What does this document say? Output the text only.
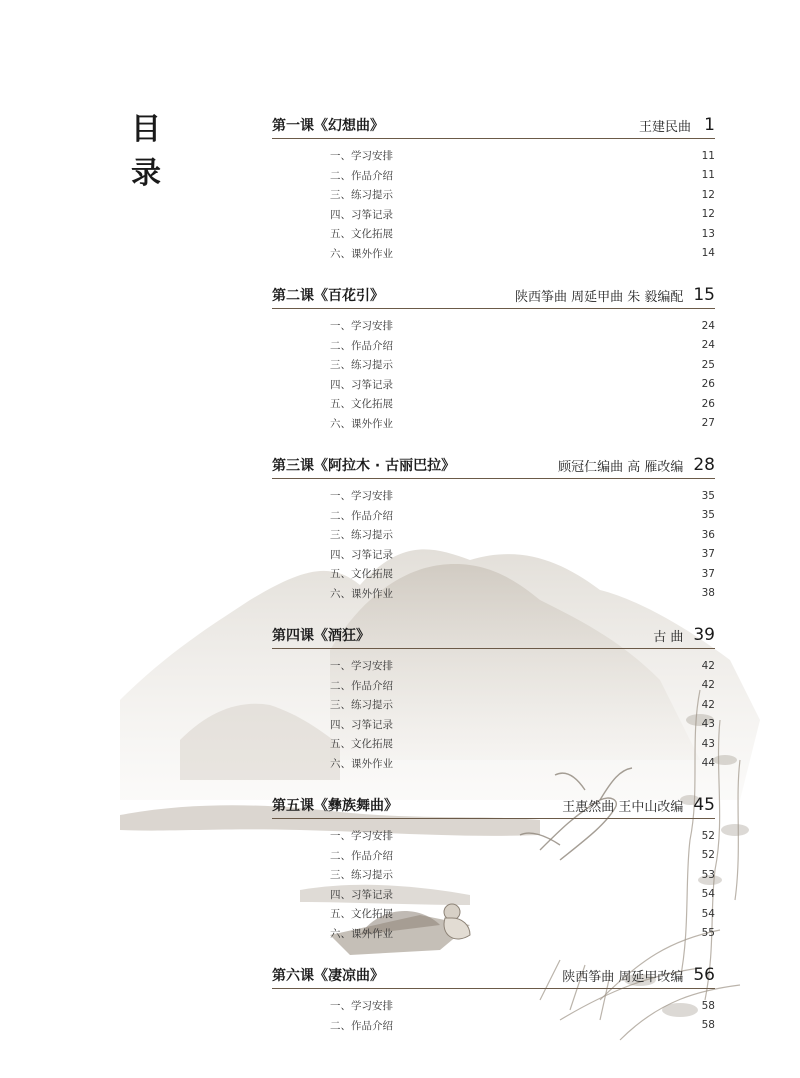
目
录
第一课《幻想曲》	王建民曲 1
一、学习安排	11
二、作品介绍	11
三、练习提示	12
四、习筝记录	12
五、文化拓展	13
六、课外作业	14
第二课《百花引》	陕西筝曲 周延甲曲 朱 毅编配 15
一、学习安排	24
二、作品介绍	24
三、练习提示	25
四、习筝记录	26
五、文化拓展	26
六、课外作业	27
第三课《阿拉木 · 古丽巴拉》	顾冠仁编曲 高 雁改编 28
一、学习安排	35
二、作品介绍	35
三、练习提示	36
四、习筝记录	37
五、文化拓展	37
六、课外作业	38
第四课《酒狂》	古 曲 39
一、学习安排	42
二、作品介绍	42
三、练习提示	42
四、习筝记录	43
五、文化拓展	43
六、课外作业	44
第五课《彝族舞曲》	王惠然曲 王中山改编 45
一、学习安排	52
二、作品介绍	52
三、练习提示	53
四、习筝记录	54
五、文化拓展	54
六、课外作业	55
第六课《凄凉曲》	陕西筝曲 周延甲改编 56
一、学习安排	58
二、作品介绍	58
